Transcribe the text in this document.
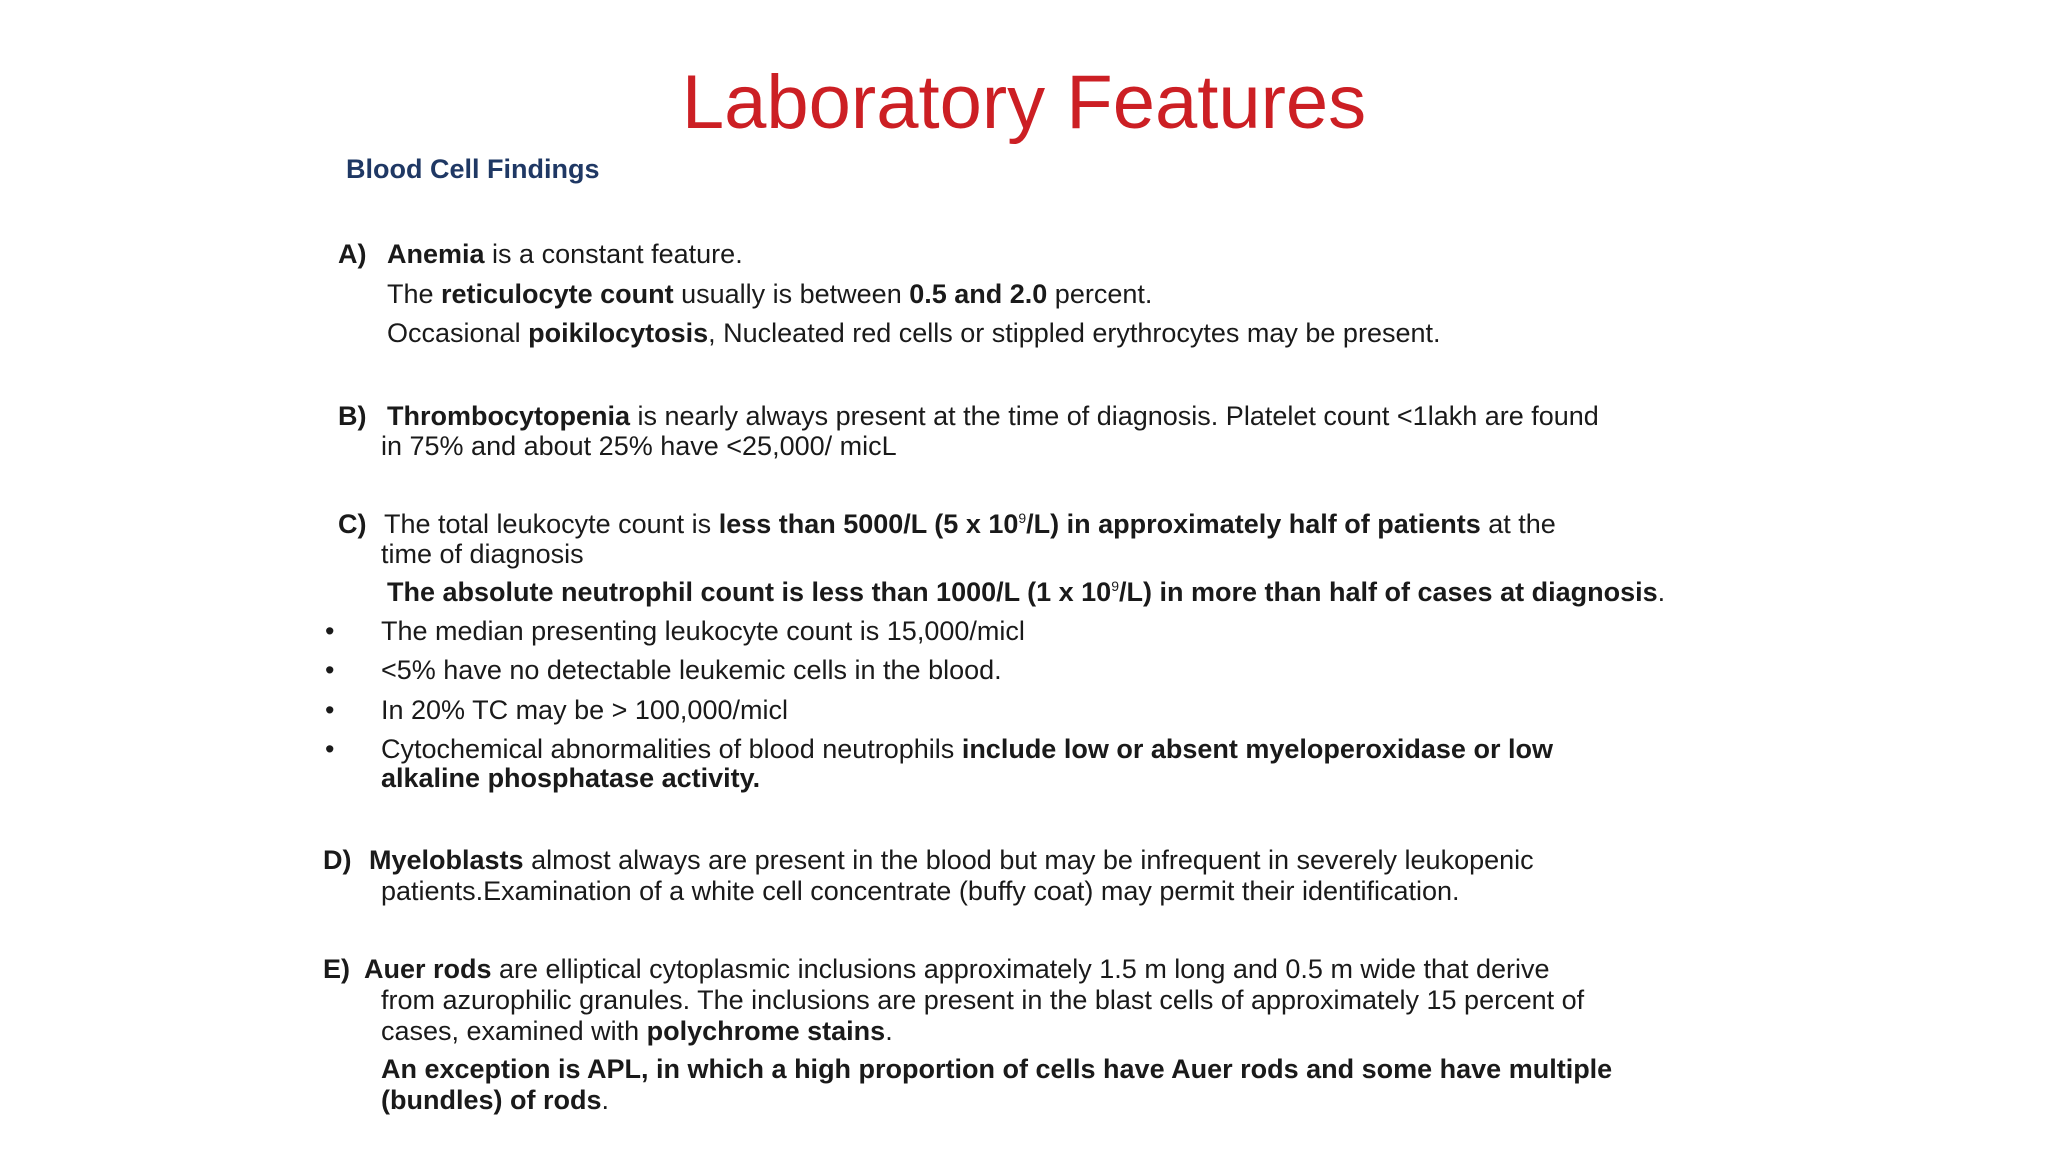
Laboratory Features
Blood Cell Findings
A) Anemia is a constant feature.
The reticulocyte count usually is between 0.5 and 2.0 percent.
Occasional poikilocytosis, Nucleated red cells or stippled erythrocytes may be present.
B) Thrombocytopenia is nearly always present at the time of diagnosis. Platelet count <1lakh are found
in 75% and about 25% have <25,000/ micL
C) The total leukocyte count is less than 5000/L (5 x $10^9/L$) in approximately half of patients at the
time of diagnosis
The absolute neutrophil count is less than 1000/L (1 x $10^9/L$) in more than half of cases at diagnosis.
• The median presenting leukocyte count is 15,000/micl
• <5% have no detectable leukemic cells in the blood.
• In 20% TC may be > 100,000/micl
• Cytochemical abnormalities of blood neutrophils include low or absent myeloperoxidase or low
alkaline phosphatase activity.
D) Myeloblasts almost always are present in the blood but may be infrequent in severely leukopenic
patients.Examination of a white cell concentrate (buffy coat) may permit their identification.
E) Auer rods are elliptical cytoplasmic inclusions approximately 1.5 m long and 0.5 m wide that derive
from azurophilic granules. The inclusions are present in the blast cells of approximately 15 percent of
cases, examined with polychrome stains.
An exception is APL, in which a high proportion of cells have Auer rods and some have multiple
(bundles) of rods.
